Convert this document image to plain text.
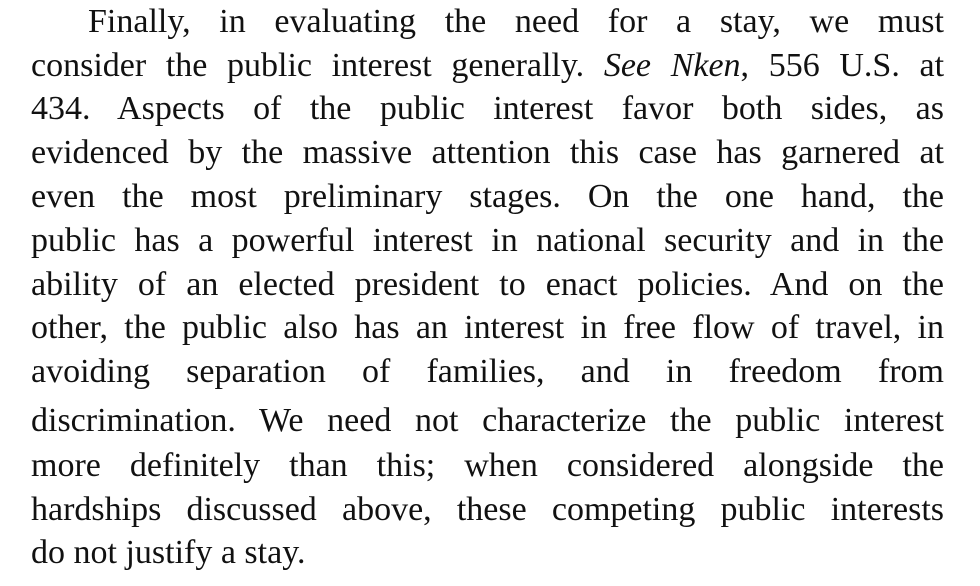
Finally, in evaluating the need for a stay, we must
consider the public interest generally. See Nken, 556 U.S. at
434. Aspects of the public interest favor both sides, as
evidenced by the massive attention this case has garnered at
even the most preliminary stages. On the one hand, the
public has a powerful interest in national security and in the
ability of an elected president to enact policies. And on the
other, the public also has an interest in free flow of travel, in
avoiding separation of families, and in freedom from
discrimination. We need not characterize the public interest
more definitely than this; when considered alongside the
hardships discussed above, these competing public interests
do not justify a stay.
